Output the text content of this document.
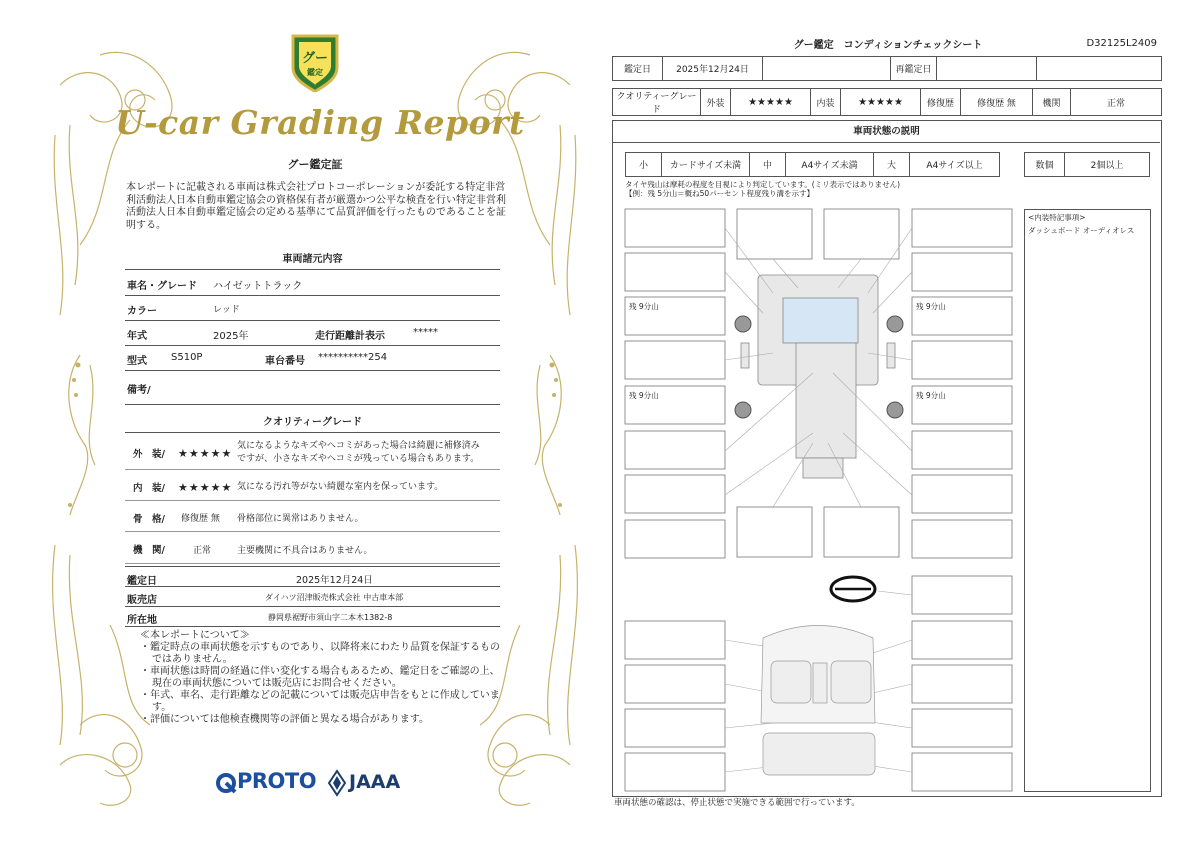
グー
鑑定
U-car Grading Report
グー鑑定証
本レポートに記載される車両は株式会社プロトコーポレーションが委託する特定非営利活動法人日本自動車鑑定協会の資格保有者が厳選かつ公平な検査を行い特定非営利活動法人日本自動車鑑定協会の定める基準にて品質評価を行ったものであることを証明する。
車両諸元内容
車名・グレード ハイゼットトラック
カラー	レッド
年式	2025年	走行距離計表示	*****
型式 S510P	車台番号 **********254
備考/
クオリティーグレード
外　装/ ★★★★★
気になるようなキズやヘコミがあった場合は綺麗に補修済み
ですが、小さなキズやヘコミが残っている場合もあります。
内　装/ ★★★★★ 気になる汚れ等がない綺麗な室内を保っています。
骨　格/ 修復歴 無 骨格部位に異常はありません。
機　関/	正常	主要機関に不具合はありません。
鑑定日	2025年12月24日
販売店	ダイハツ沼津販売株式会社 中古車本部
所在地	静岡県裾野市須山字二本木1382-8
≪本レポートについて≫
・鑑定時点の車両状態を示すものであり、以降将来にわたり品質を保証するものではありません。
・車両状態は時間の経過に伴い変化する場合もあるため、鑑定日をご確認の上、現在の車両状態については販売店にお問合せください。
・年式、車名、走行距離などの記載については販売店申告をもとに作成しています。
・評価については他検査機関等の評価と異なる場合があります。
PROTO JAAA
グー鑑定　コンディションチェックシート	D32125L2409
鑑定日	2025年12月24日		再鑑定日		
クオリティーグレード	外装	★★★★★	内装	★★★★★	修復歴	修復歴 無	機関	正常
車両状態の説明
小	カードサイズ未満	中	A4サイズ未満	大	A4サイズ以上	数個	2個以上
タイヤ残山は摩耗の程度を目視により判定しています。(ミリ表示ではありません)
【例：残 5分山＝概ね50パーセント程度残り溝を示す】
残 9分山	残 9分山
残 9分山	残 9分山
<内装特記事項>
ダッシュボード オーディオレス
車両状態の確認は、停止状態で実施できる範囲で行っています。
